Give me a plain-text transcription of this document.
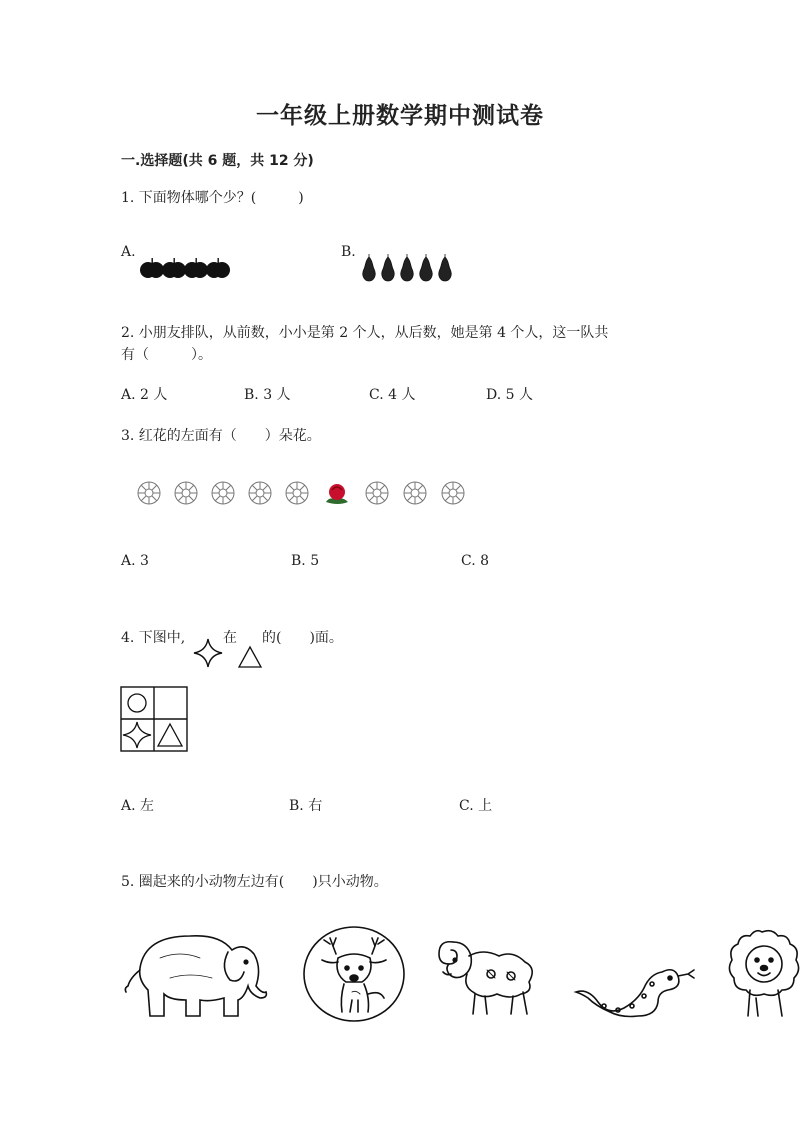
一年级上册数学期中测试卷
一.选择题(共 6 题，共 12 分)
1. 下面物体哪个少？(　　　)
A.	B.
2. 小朋友排队，从前数，小小是第 2 个人，从后数，她是第 4 个人，这一队共
有（　　　）。
A. 2 人	B. 3 人	C. 4 人	D. 5 人
3. 红花的左面有（　　）朵花。
A. 3	B. 5	C. 8
4. 下图中,	在 的(　　)面。
A. 左	B. 右	C. 上
5. 圈起来的小动物左边有(　　)只小动物。
